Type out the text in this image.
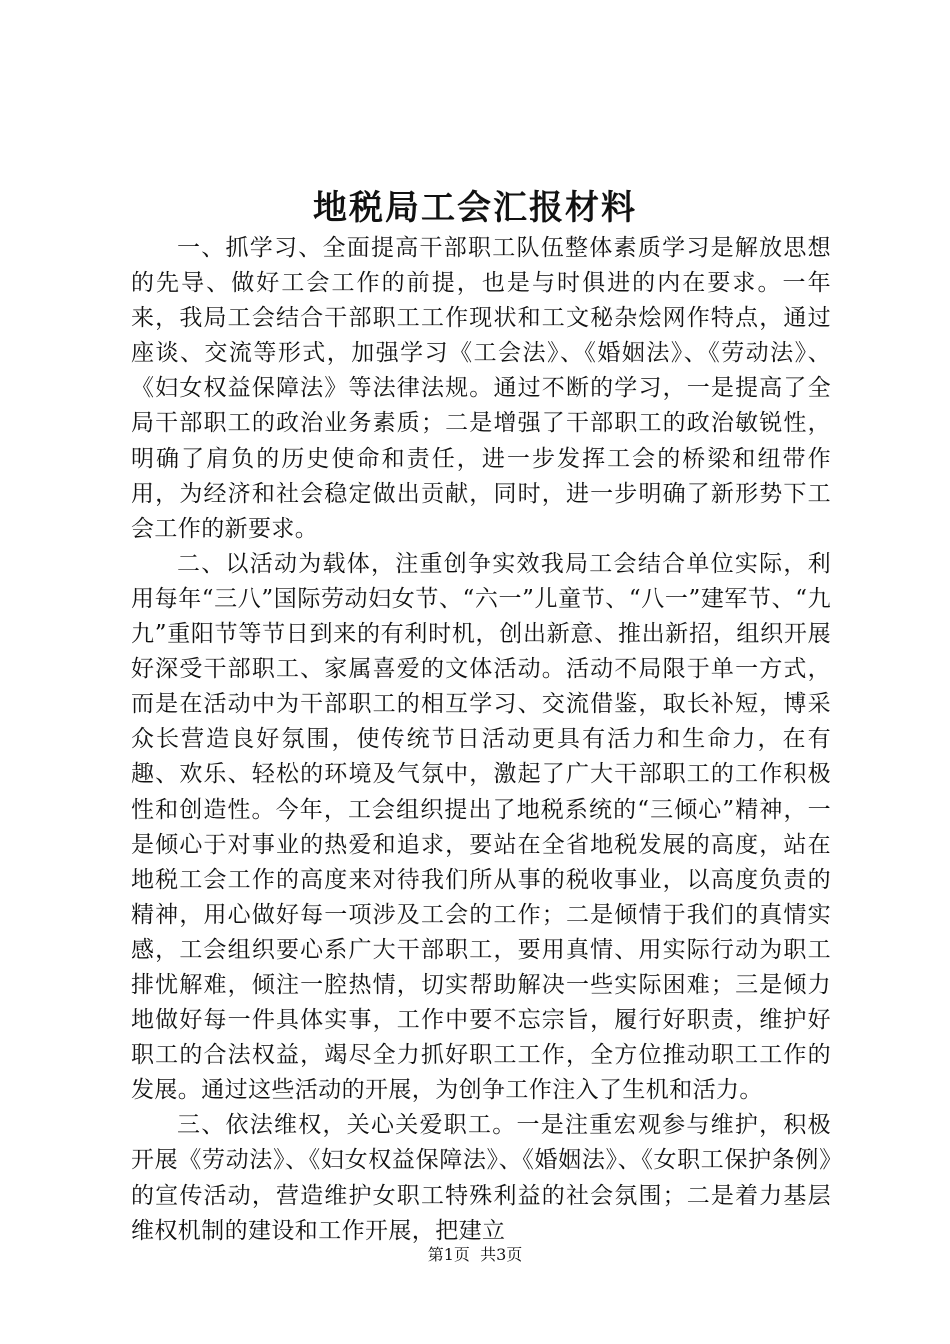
地税局工会汇报材料

一、抓学习、全面提高干部职工队伍整体素质学习是解放思想的先导、做好工会工作的前提，也是与时俱进的内在要求。一年来，我局工会结合干部职工工作现状和工文秘杂烩网作特点，通过座谈、交流等形式，加强学习《工会法》、《婚姻法》、《劳动法》、《妇女权益保障法》等法律法规。通过不断的学习，一是提高了全局干部职工的政治业务素质；二是增强了干部职工的政治敏锐性，明确了肩负的历史使命和责任，进一步发挥工会的桥梁和纽带作用，为经济和社会稳定做出贡献，同时，进一步明确了新形势下工会工作的新要求。

二、以活动为载体，注重创争实效我局工会结合单位实际，利用每年“三八”国际劳动妇女节、“六一”儿童节、“八一”建军节、“九九”重阳节等节日到来的有利时机，创出新意、推出新招，组织开展好深受干部职工、家属喜爱的文体活动。活动不局限于单一方式，而是在活动中为干部职工的相互学习、交流借鉴，取长补短，博采众长营造良好氛围，使传统节日活动更具有活力和生命力，在有趣、欢乐、轻松的环境及气氛中，激起了广大干部职工的工作积极性和创造性。今年，工会组织提出了地税系统的“三倾心”精神，一是倾心于对事业的热爱和追求，要站在全省地税发展的高度，站在地税工会工作的高度来对待我们所从事的税收事业，以高度负责的精神，用心做好每一项涉及工会的工作；二是倾情于我们的真情实感，工会组织要心系广大干部职工，要用真情、用实际行动为职工排忧解难，倾注一腔热情，切实帮助解决一些实际困难；三是倾力地做好每一件具体实事，工作中要不忘宗旨，履行好职责，维护好职工的合法权益，竭尽全力抓好职工工作，全方位推动职工工作的发展。通过这些活动的开展，为创争工作注入了生机和活力。

三、依法维权，关心关爱职工。一是注重宏观参与维护，积极开展《劳动法》、《妇女权益保障法》、《婚姻法》、《女职工保护条例》的宣传活动，营造维护女职工特殊利益的社会氛围；二是着力基层维权机制的建设和工作开展，把建立

第1页  共3页
